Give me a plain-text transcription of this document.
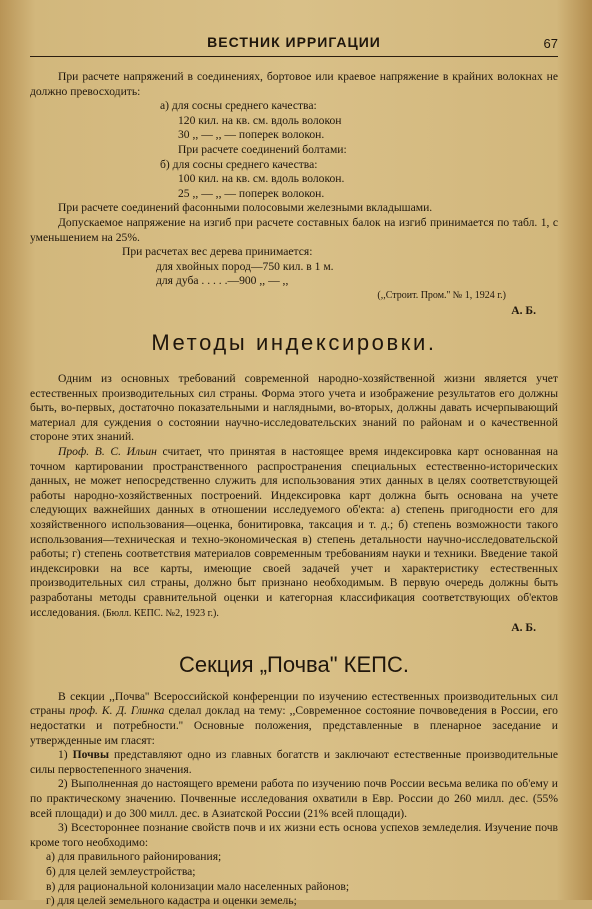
ВЕСТНИК ИРРИГАЦИИ	67

При расчете напряжений в соединениях, бортовое или краевое напряжение в крайних волокнах не должно превосходить:

а) для сосны среднего качества:
120 кил. на кв. см. вдоль волокон
30 ,, — ,, — поперек волокон.
При расчете соединений болтами:
б) для сосны среднего качества:
100 кил. на кв. см. вдоль волокон.
25 ,, — ,, — поперек волокон.

При расчете соединений фасонными полосовыми железными вкладышами.

Допускаемое напряжение на изгиб при расчете составных балок на изгиб принимается по табл. 1, с уменьшением на 25%.

При расчетах вес дерева принимается:
для хвойных пород—750 кил. в 1 м.
для дуба . . . . .—900 ,, — ,,
(,,Строит. Пром.'' № 1, 1924 г.)
А. Б.
Методы индексировки.

Одним из основных требований современной народно-хозяйственной жизни является учет естественных производительных сил страны. Форма этого учета и изображение результатов его должны быть, во-первых, достаточно показательными и наглядными, во-вторых, должны давать исчерпывающий материал для суждения о состоянии научно-исследовательских знаний по районам и о качественной стороне этих знаний.

Проф. В. С. Ильин считает, что принятая в настоящее время индексировка карт основанная на точном картировании пространственного распространения специальных естественно-исторических данных, не может непосредственно служить для использования этих данных в целях соответствующей работы народно-хозяйственных построений. Индексировка карт должна быть основана на учете следующих важнейших данных в отношении исследуемого об'екта: а) степень пригодности его для хозяйственного использования—оценка, бонитировка, таксация и т. д.; б) степень возможности такого использования—техническая и техно-экономическая в) степень детальности научно-исследовательской работы; г) степень соответствия материалов современным требованиям науки и техники. Введение такой индексировки на все карты, имеющие своей задачей учет и характеристику естественных производительных сил страны, должно быт признано необходимым. В первую очередь должны быть разработаны методы сравнительной оценки и категорная классификация соответствующих об'ектов исследования. (Бюлл. КЕПС. №2, 1923 г.).

А. Б.
Секция „Почва" КЕПС.

В секции ,,Почва'' Всероссийской конференции по изучению естественных производительных сил страны проф. К. Д. Глинка сделал доклад на тему: ,,Современное состояние почвоведения в России, его недостатки и потребности.'' Основные положения, представленные в пленарное заседание и утвержденные им гласят:

1) Почвы представляют одно из главных богатств и заключают естественные производительные силы первостепенного значения.

2) Выполненная до настоящего времени работа по изучению почв России весьма велика по об'ему и по практическому значению. Почвенные исследования охватили в Евр. России до 260 милл. дес. (55% всей площади) и до 300 милл. дес. в Азиатской России (21% всей площади).

3) Всестороннее познание свойств почв и их жизни есть основа успехов земледелия. Изучение почв кроме того необходимо:

а) для правильного районирования;
б) для целей землеустройства;
в) для рациональной колонизации мало населенных районов;
г) для целей земельного кадастра и оценки земель;
